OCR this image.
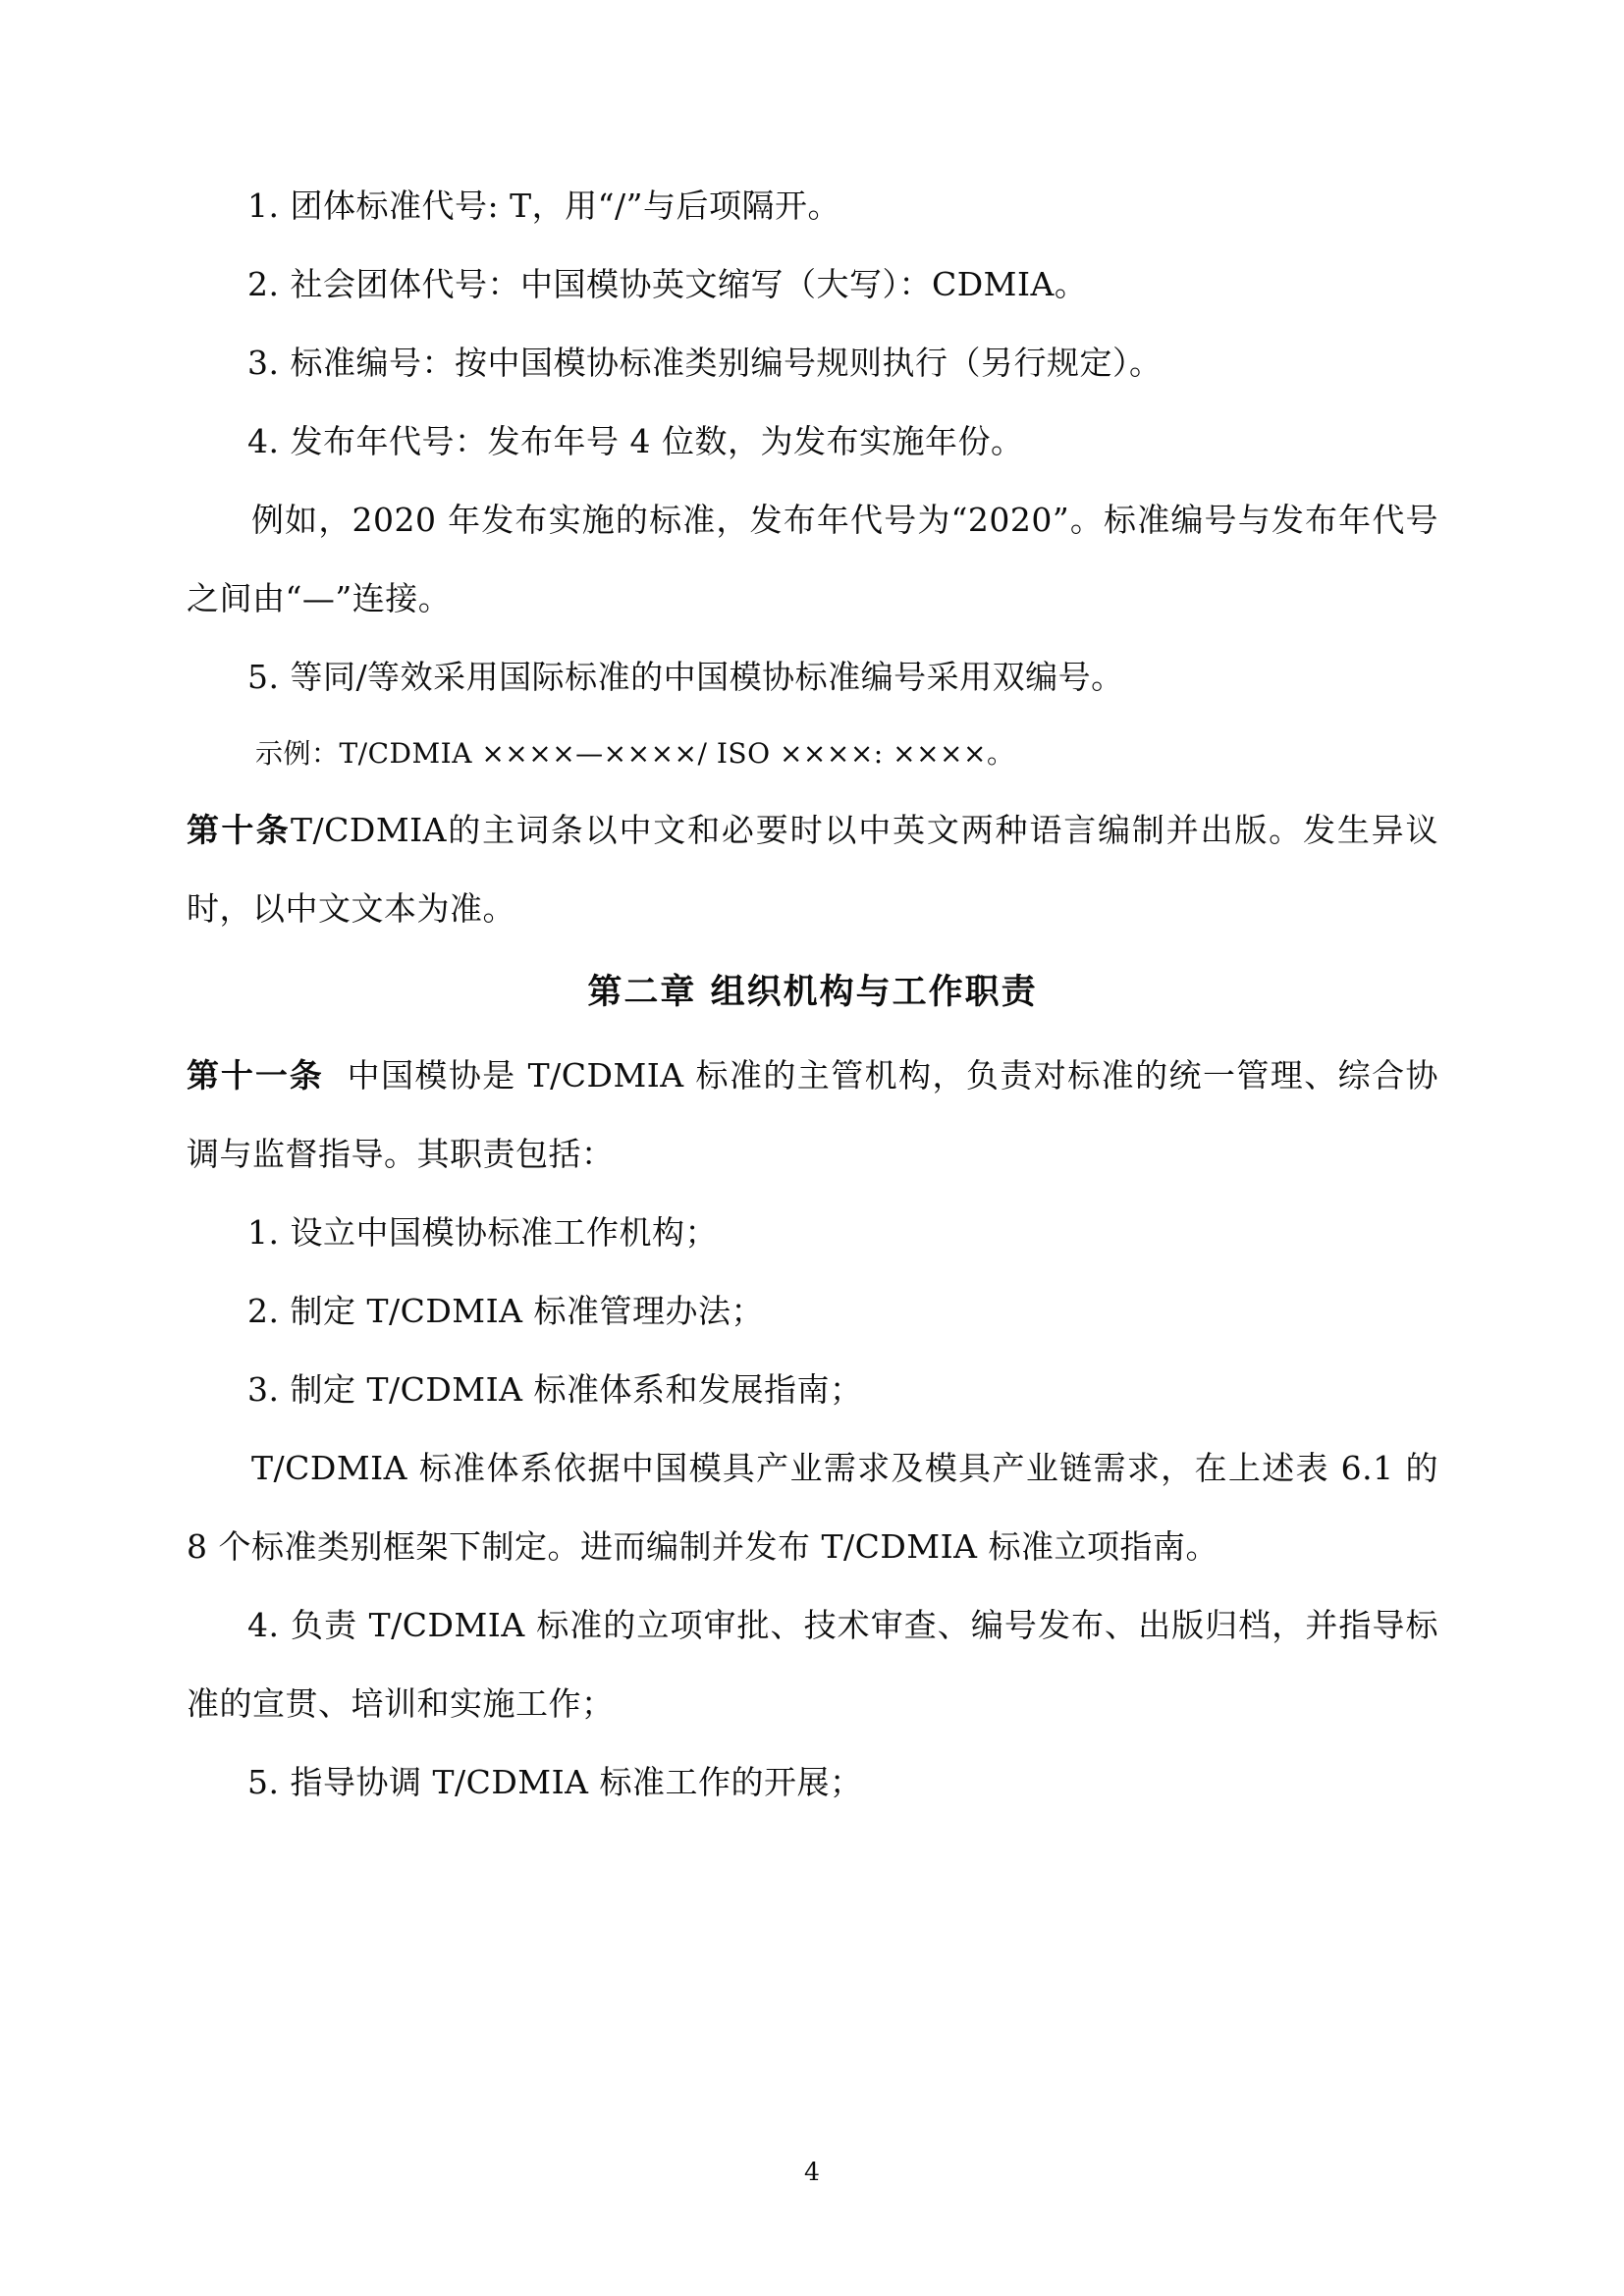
1. 团体标准代号: T，用“/”与后项隔开。

2. 社会团体代号：中国模协英文缩写（大写）：CDMIA。

3. 标准编号：按中国模协标准类别编号规则执行（另行规定）。

4. 发布年代号：发布年号 4 位数，为发布实施年份。

例如，2020 年发布实施的标准，发布年代号为“2020”。标准编号与发布年代号之间由“—”连接。

5. 等同/等效采用国际标准的中国模协标准编号采用双编号。

示例：T/CDMIA ××××—××××/ ISO ××××: ××××。

第十条T/CDMIA的主词条以中文和必要时以中英文两种语言编制并出版。发生异议时，以中文文本为准。

第二章 组织机构与工作职责

第十一条 中国模协是 T/CDMIA 标准的主管机构，负责对标准的统一管理、综合协调与监督指导。其职责包括：

1. 设立中国模协标准工作机构；

2. 制定 T/CDMIA 标准管理办法；

3. 制定 T/CDMIA 标准体系和发展指南；

T/CDMIA 标准体系依据中国模具产业需求及模具产业链需求，在上述表 6.1 的 8 个标准类别框架下制定。进而编制并发布 T/CDMIA 标准立项指南。

4. 负责 T/CDMIA 标准的立项审批、技术审查、编号发布、出版归档，并指导标准的宣贯、培训和实施工作；

5. 指导协调 T/CDMIA 标准工作的开展；

4
